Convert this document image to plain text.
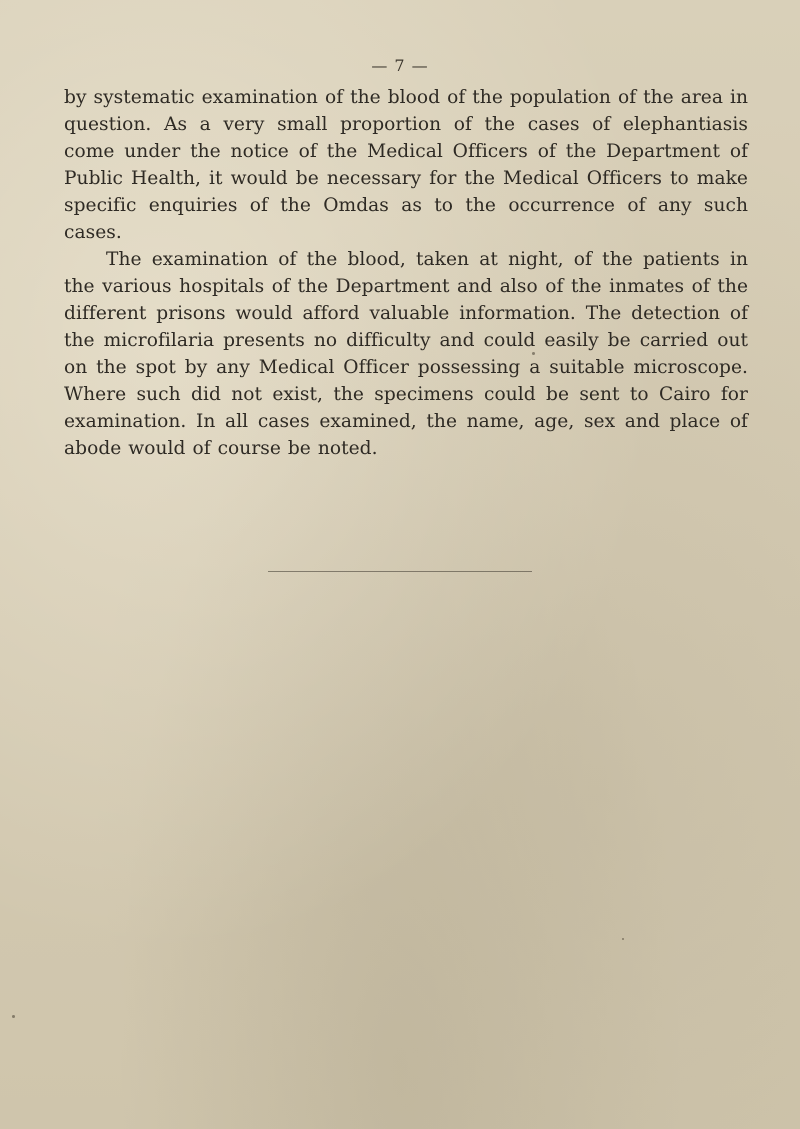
— 7 —

by systematic examination of the blood of the population of the area in question. As a very small proportion of the cases of elephantiasis come under the notice of the Medical Officers of the Department of Public Health, it would be necessary for the Medical Officers to make specific enquiries of the Omdas as to the occurrence of any such cases.

The examination of the blood, taken at night, of the patients in the various hospitals of the Department and also of the inmates of the different prisons would afford valuable information. The detection of the microfilaria presents no difficulty and could easily be carried out on the spot by any Medical Officer possessing a suitable microscope. Where such did not exist, the specimens could be sent to Cairo for examination. In all cases examined, the name, age, sex and place of abode would of course be noted.
